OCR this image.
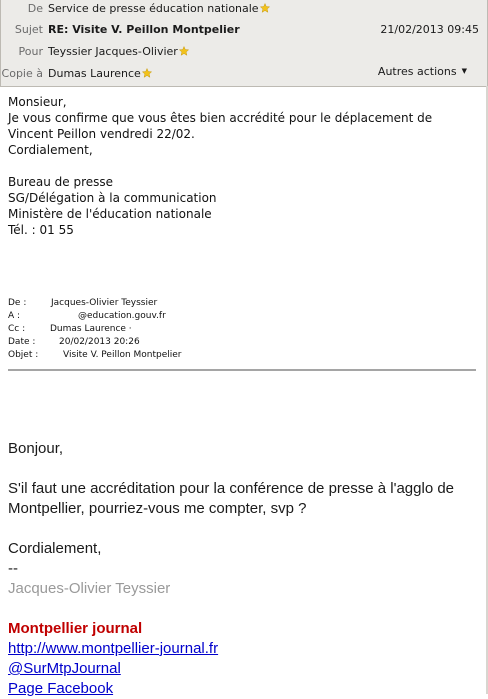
De Service de presse éducation nationale
Sujet RE: Visite V. Peillon Montpelier	21/02/2013 09:45
Pour Teyssier Jacques-Olivier
Copie à Dumas Laurence	Autres actions ▼

Monsieur,

Je vous confirme que vous êtes bien accrédité pour le déplacement de Vincent Peillon vendredi 22/02.

Cordialement,

Bureau de presse

SG/Délégation à la communication

Ministère de l'éducation nationale

Tél. : 01 55

De :	Jacques-Olivier Teyssier
A :	@education.gouv.fr
Cc :	Dumas Laurence ·
Date :	20/02/2013 20:26
Objet :	Visite V. Peillon Montpelier

Bonjour,

S'il faut une accréditation pour la conférence de presse à l'agglo de Montpellier, pourriez-vous me compter, svp ?

Cordialement,

--

Jacques-Olivier Teyssier

Montpellier journal

http://www.montpellier-journal.fr

@SurMtpJournal

Page Facebook
